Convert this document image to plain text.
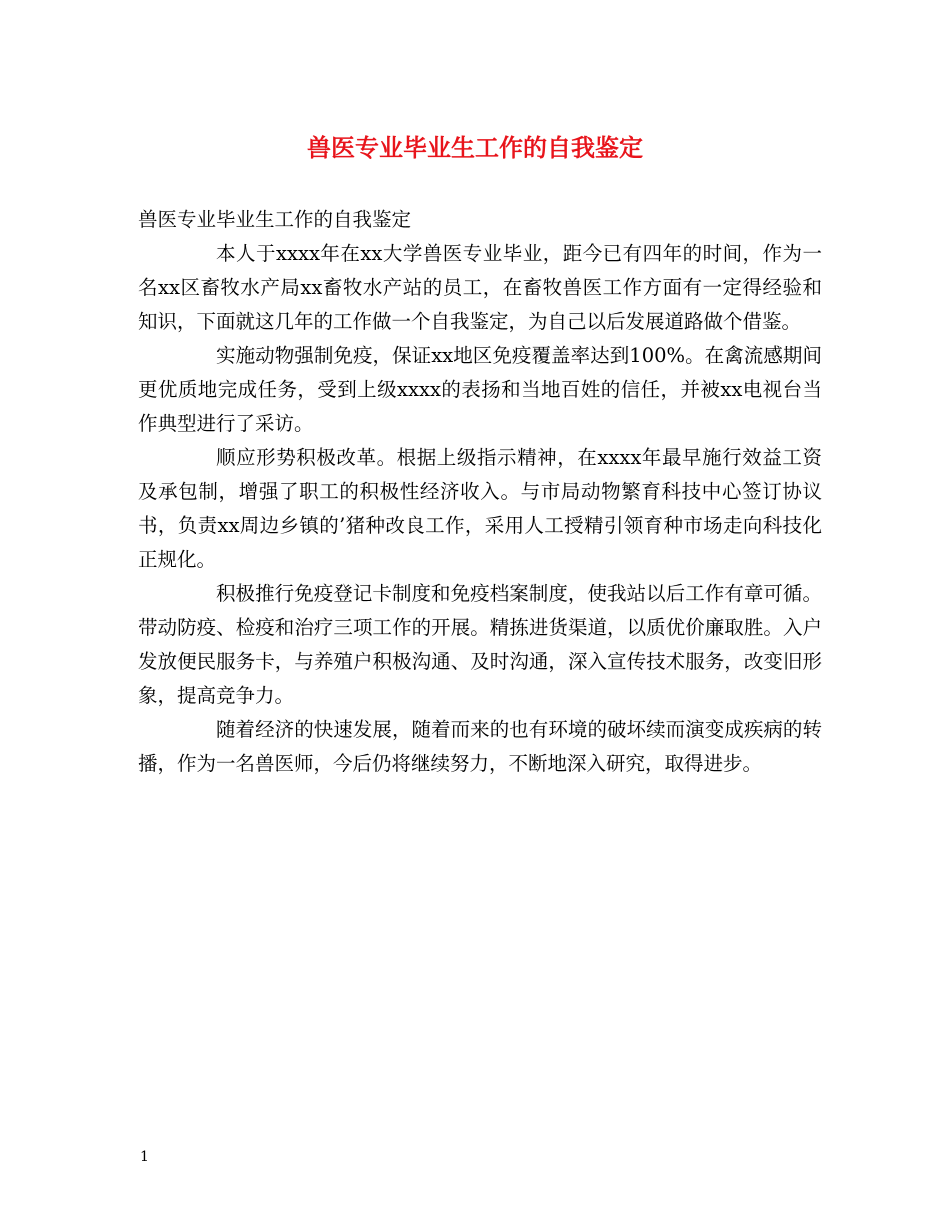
兽医专业毕业生工作的自我鉴定

兽医专业毕业生工作的自我鉴定

本人于xxxx年在xx大学兽医专业毕业，距今已有四年的时间，作为一名xx区畜牧水产局xx畜牧水产站的员工，在畜牧兽医工作方面有一定得经验和知识，下面就这几年的工作做一个自我鉴定，为自己以后发展道路做个借鉴。

实施动物强制免疫，保证xx地区免疫覆盖率达到100%。在禽流感期间更优质地完成任务，受到上级xxxx的表扬和当地百姓的信任，并被xx电视台当作典型进行了采访。

顺应形势积极改革。根据上级指示精神，在xxxx年最早施行效益工资及承包制，增强了职工的积极性经济收入。与市局动物繁育科技中心签订协议书，负责xx周边乡镇的’猪种改良工作，采用人工授精引领育种市场走向科技化正规化。

积极推行免疫登记卡制度和免疫档案制度，使我站以后工作有章可循。带动防疫、检疫和治疗三项工作的开展。精拣进货渠道，以质优价廉取胜。入户发放便民服务卡，与养殖户积极沟通、及时沟通，深入宣传技术服务，改变旧形象，提高竞争力。

随着经济的快速发展，随着而来的也有环境的破坏续而演变成疾病的转播，作为一名兽医师，今后仍将继续努力，不断地深入研究，取得进步。

1
